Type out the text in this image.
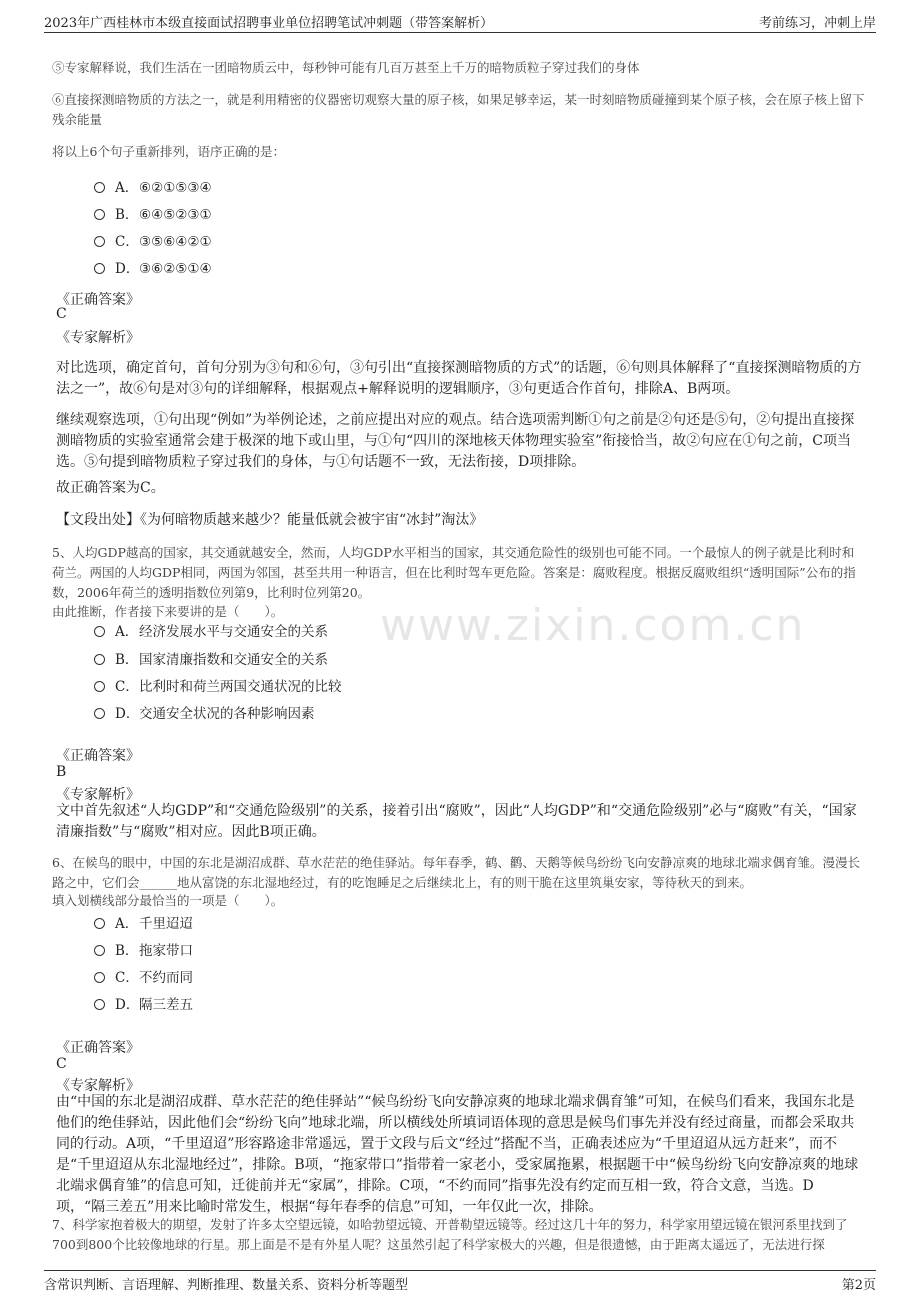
2023年广西桂林市本级直接面试招聘事业单位招聘笔试冲刺题（带答案解析）	考前练习，冲刺上岸
www.zixin.com.cn
⑤专家解释说，我们生活在一团暗物质云中，每秒钟可能有几百万甚至上千万的暗物质粒子穿过我们的身体
⑥直接探测暗物质的方法之一，就是利用精密的仪器密切观察大量的原子核，如果足够幸运，某一时刻暗物质碰撞到某个原子核，会在原子核上留下残余能量
将以上6个句子重新排列，语序正确的是：
A．⑥②①⑤③④
B．⑥④⑤②③①
C．③⑤⑥④②①
D．③⑥②⑤①④
《正确答案》
C
《专家解析》
对比选项，确定首句，首句分别为③句和⑥句，③句引出“直接探测暗物质的方式”的话题，⑥句则具体解释了“直接探测暗物质的方法之一”，故⑥句是对③句的详细解释，根据观点+解释说明的逻辑顺序，③句更适合作首句，排除A、B两项。
继续观察选项，①句出现“例如”为举例论述，之前应提出对应的观点。结合选项需判断①句之前是②句还是⑤句，②句提出直接探测暗物质的实验室通常会建于极深的地下或山里，与①句“四川的深地核天体物理实验室”衔接恰当，故②句应在①句之前，C项当选。⑤句提到暗物质粒子穿过我们的身体，与①句话题不一致，无法衔接，D项排除。
故正确答案为C。
【文段出处】《为何暗物质越来越少？能量低就会被宇宙“冰封”淘汰》
5、人均GDP越高的国家，其交通就越安全，然而，人均GDP水平相当的国家，其交通危险性的级别也可能不同。一个最惊人的例子就是比利时和荷兰。两国的人均GDP相同，两国为邻国，甚至共用一种语言，但在比利时驾车更危险。答案是：腐败程度。根据反腐败组织“透明国际”公布的指数，2006年荷兰的透明指数位列第9，比利时位列第20。
由此推断，作者接下来要讲的是（　　）。
A．经济发展水平与交通安全的关系
B．国家清廉指数和交通安全的关系
C．比利时和荷兰两国交通状况的比较
D．交通安全状况的各种影响因素
《正确答案》
B
《专家解析》
文中首先叙述“人均GDP”和“交通危险级别”的关系，接着引出“腐败”，因此“人均GDP”和“交通危险级别”必与“腐败”有关，“国家清廉指数”与“腐败”相对应。因此B项正确。
6、在候鸟的眼中，中国的东北是湖沼成群、草水茫茫的绝佳驿站。每年春季，鹤、鹳、天鹅等候鸟纷纷飞向安静凉爽的地球北端求偶育雏。漫漫长路之中，它们会______地从富饶的东北湿地经过，有的吃饱睡足之后继续北上，有的则干脆在这里筑巢安家，等待秋天的到来。
填入划横线部分最恰当的一项是（　　）。
A．千里迢迢
B．拖家带口
C．不约而同
D．隔三差五
《正确答案》
C
《专家解析》
由“中国的东北是湖沼成群、草水茫茫的绝佳驿站”“候鸟纷纷飞向安静凉爽的地球北端求偶育雏”可知，在候鸟们看来，我国东北是他们的绝佳驿站，因此他们会“纷纷飞向”地球北端，所以横线处所填词语体现的意思是候鸟们事先并没有经过商量，而都会采取共同的行动。A项，“千里迢迢”形容路途非常遥远，置于文段与后文“经过”搭配不当，正确表述应为“千里迢迢从远方赶来”，而不是“千里迢迢从东北湿地经过”，排除。B项，“拖家带口”指带着一家老小，受家属拖累，根据题干中“候鸟纷纷飞向安静凉爽的地球北端求偶育雏”的信息可知，迁徙前并无“家属”，排除。C项，“不约而同”指事先没有约定而互相一致，符合文意，当选。D项，“隔三差五”用来比喻时常发生，根据“每年春季的信息”可知，一年仅此一次，排除。
7、科学家抱着极大的期望，发射了许多太空望远镜，如哈勃望远镜、开普勒望远镜等。经过这几十年的努力，科学家用望远镜在银河系里找到了700到800个比较像地球的行星。那上面是不是有外星人呢？这虽然引起了科学家极大的兴趣，但是很遗憾，由于距离太遥远了，无法进行探
含常识判断、言语理解、判断推理、数量关系、资料分析等题型	第2页
